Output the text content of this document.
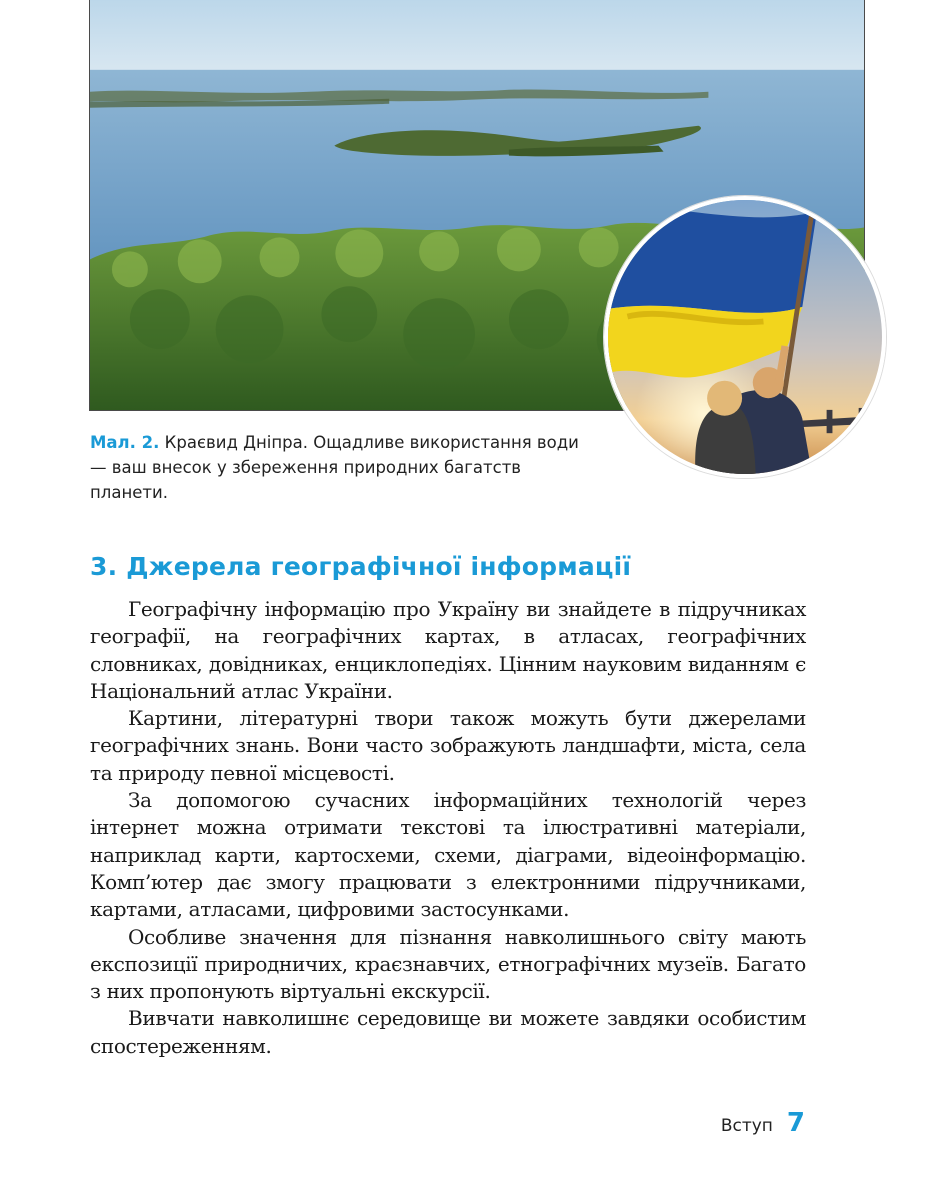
Мал. 2. Краєвид Дніпра. Ощадливе використання води — ваш внесок у збереження природних багатств планети.
3. Джерела географічної інформації

Географічну інформацію про Україну ви знайдете в підручниках географії, на географічних картах, в атласах, географічних словниках, довідниках, енциклопедіях. Цінним науковим виданням є Національний атлас України.

Картини, літературні твори також можуть бути джерелами географічних знань. Вони часто зображують ландшафти, міста, села та природу певної місцевості.

За допомогою сучасних інформаційних технологій через інтернет можна отримати текстові та ілюстративні матеріали, наприклад карти, картосхеми, схеми, діаграми, відеоінформацію. Комп’ютер дає змогу працювати з електронними підручниками, картами, атласами, цифровими застосунками.

Особливе значення для пізнання навколишнього світу мають експозиції природничих, краєзнавчих, етнографічних музеїв. Багато з них пропонують віртуальні екскурсії.

Вивчати навколишнє середовище ви можете завдяки особистим спостереженням.

Вступ 7
